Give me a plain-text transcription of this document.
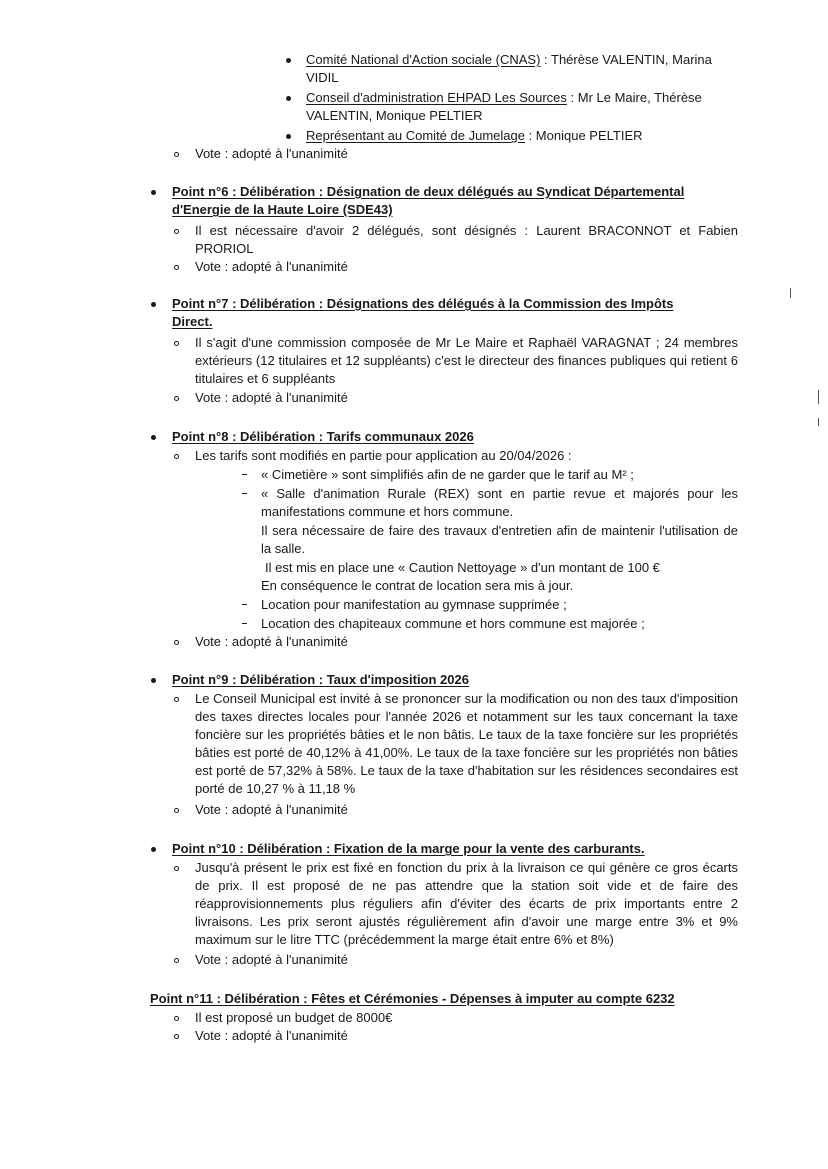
Comité National d'Action sociale (CNAS) : Thérèse VALENTIN, Marina
VIDIL
Conseil d'administration EHPAD Les Sources : Mr Le Maire, Thérèse
VALENTIN, Monique PELTIER
Représentant au Comité de Jumelage : Monique PELTIER
Vote : adopté à l'unanimité
Point n°6 : Délibération : Désignation de deux délégués au Syndicat Départemental
d'Energie de la Haute Loire (SDE43)
Il est nécessaire d'avoir 2 délégués, sont désignés : Laurent BRACONNOT et Fabien PRORIOL
Vote : adopté à l'unanimité
Point n°7 : Délibération : Désignations des délégués à la Commission des Impôts
Direct.
Il s'agit d'une commission composée de Mr Le Maire et Raphaël VARAGNAT ; 24 membres extérieurs (12 titulaires et 12 suppléants) c'est le directeur des finances publiques qui retient 6 titulaires et 6 suppléants
Vote : adopté à l'unanimité
Point n°8 : Délibération : Tarifs communaux 2026
Les tarifs sont modifiés en partie pour application au 20/04/2026 :
« Cimetière » sont simplifiés afin de ne garder que le tarif au M² ;
« Salle d'animation Rurale (REX) sont en partie revue et majorés pour les manifestations commune et hors commune.
Il sera nécessaire de faire des travaux d'entretien afin de maintenir l'utilisation de la salle.
Il est mis en place une « Caution Nettoyage » d'un montant de 100 €
En conséquence le contrat de location sera mis à jour.
Location pour manifestation au gymnase supprimée ;
Location des chapiteaux commune et hors commune est majorée ;
Vote : adopté à l'unanimité
Point n°9 : Délibération : Taux d'imposition 2026
Le Conseil Municipal est invité à se prononcer sur la modification ou non des taux d'imposition des taxes directes locales pour l'année 2026 et notamment sur les taux concernant la taxe foncière sur les propriétés bâties et le non bâtis. Le taux de la taxe foncière sur les propriétés bâties est porté de 40,12% à 41,00%. Le taux de la taxe foncière sur les propriétés non bâties est porté de 57,32% à 58%. Le taux de la taxe d'habitation sur les résidences secondaires est porté de 10,27 % à 11,18 %
Vote : adopté à l'unanimité
Point n°10 : Délibération : Fixation de la marge pour la vente des carburants.
Jusqu'à présent le prix est fixé en fonction du prix à la livraison ce qui génère ce gros écarts de prix. Il est proposé de ne pas attendre que la station soit vide et de faire des réapprovisionnements plus réguliers afin d'éviter des écarts de prix importants entre 2 livraisons. Les prix seront ajustés régulièrement afin d'avoir une marge entre 3% et 9% maximum sur le litre TTC (précédemment la marge était entre 6% et 8%)
Vote : adopté à l'unanimité
Point n°11 : Délibération : Fêtes et Cérémonies - Dépenses à imputer au compte 6232
Il est proposé un budget de 8000€
Vote : adopté à l'unanimité
